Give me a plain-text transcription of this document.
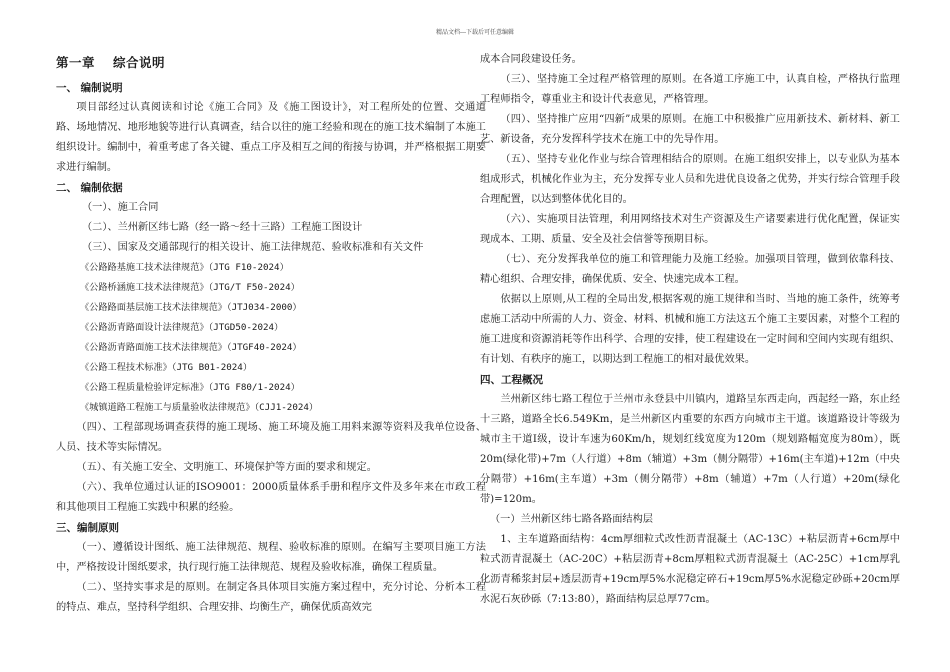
精品文档---下载后可任意编辑
第一章 综合说明
一、 编制说明
项目部经过认真阅读和讨论《施工合同》及《施工图设计》，对工程所处的位置、交通道路、场地情况、地形地貌等进行认真调查，结合以往的施工经验和现在的施工技术编制了本施工组织设计。编制中，着重考虑了各关键、重点工序及相互之间的衔接与协调，并严格根据工期要求进行编制。
二、 编制依据
（一）、施工合同
（二）、兰州新区纬七路（经一路～经十三路）工程施工图设计
（三）、国家及交通部现行的相关设计、施工法律规范、验收标准和有关文件
《公路路基施工技术法律规范》（JTG F10-2024）
《公路桥涵施工技术法律规范》（JTG/T F50-2024）
《公路路面基层施工技术法律规范》（JTJ034-2000）
《公路沥青路面设计法律规范》（JTGD50-2024）
《公路沥青路面施工技术法律规范》（JTGF40-2024）
《公路工程技术标准》（JTG B01-2024）
《公路工程质量检验评定标准》（JTG F80/1-2024）
《城镇道路工程施工与质量验收法律规范》（CJJ1-2024）
（四）、工程部现场调查获得的施工现场、施工环境及施工用料来源等资料及我单位设备、人员、技术等实际情况。
（五）、有关施工安全、文明施工、环境保护等方面的要求和规定。
（六）、我单位通过认证的ISO9001：2000质量体系手册和程序文件及多年来在市政工程和其他项目工程施工实践中积累的经验。
三、编制原则
（一）、遵循设计图纸、施工法律规范、规程、验收标准的原则。在编写主要项目施工方法中，严格按设计图纸要求，执行现行施工法律规范、规程及验收标准，确保工程质量。
（二）、坚持实事求是的原则。在制定各具体项目实施方案过程中，充分讨论、分析本工程的特点、难点，坚持科学组织、合理安排、均衡生产，确保优质高效完
成本合同段建设任务。
（三）、坚持施工全过程严格管理的原则。在各道工序施工中，认真自检，严格执行监理工程师指令，尊重业主和设计代表意见，严格管理。
（四）、坚持推广应用“四新”成果的原则。在施工中积极推广应用新技术、新材料、新工艺、新设备，充分发挥科学技术在施工中的先导作用。
（五）、坚持专业化作业与综合管理相结合的原则。在施工组织安排上，以专业队为基本组成形式，机械化作业为主，充分发挥专业人员和先进优良设备之优势，并实行综合管理手段合理配置，以达到整体优化目的。
（六）、实施项目法管理，利用网络技术对生产资源及生产诸要素进行优化配置，保证实现成本、工期、质量、安全及社会信誉等预期目标。
（七）、充分发挥我单位的施工和管理能力及施工经验。加强项目管理，做到依靠科技、精心组织、合理安排，确保优质、安全、快速完成本工程。
依据以上原则,从工程的全局出发,根据客观的施工规律和当时、当地的施工条件，统筹考虑施工活动中所需的人力、资金、材料、机械和施工方法这五个施工主要因素，对整个工程的施工进度和资源消耗等作出科学、合理的安排，使工程建设在一定时间和空间内实现有组织、有计划、有秩序的施工，以期达到工程施工的相对最优效果。
四、工程概况
兰州新区纬七路工程位于兰州市永登县中川镇内，道路呈东西走向，西起经一路，东止经十三路，道路全长6.549Km，是兰州新区内重要的东西方向城市主干道。该道路设计等级为城市主干道Ⅰ级，设计车速为60Km/h，规划红线宽度为120m（规划路幅宽度为80m），既20m(绿化带)+7m（人行道）+8m（辅道）+3m（侧分隔带）+16m(主车道)+12m（中央分隔带）+16m(主车道）+3m（侧分隔带）+8m（辅道）+7m（人行道）+20m(绿化带)=120m。
（一）兰州新区纬七路各路面结构层
1、主车道路面结构：4cm厚细粒式改性沥青混凝土（AC-13C）+粘层沥青+6cm厚中粒式沥青混凝土（AC-20C）+粘层沥青+8cm厚粗粒式沥青混凝土（AC-25C）+1cm厚乳化沥青稀浆封层+透层沥青+19cm厚5%水泥稳定碎石+19cm厚5%水泥稳定砂砾+20cm厚水泥石灰砂砾（7:13:80），路面结构层总厚77cm。
